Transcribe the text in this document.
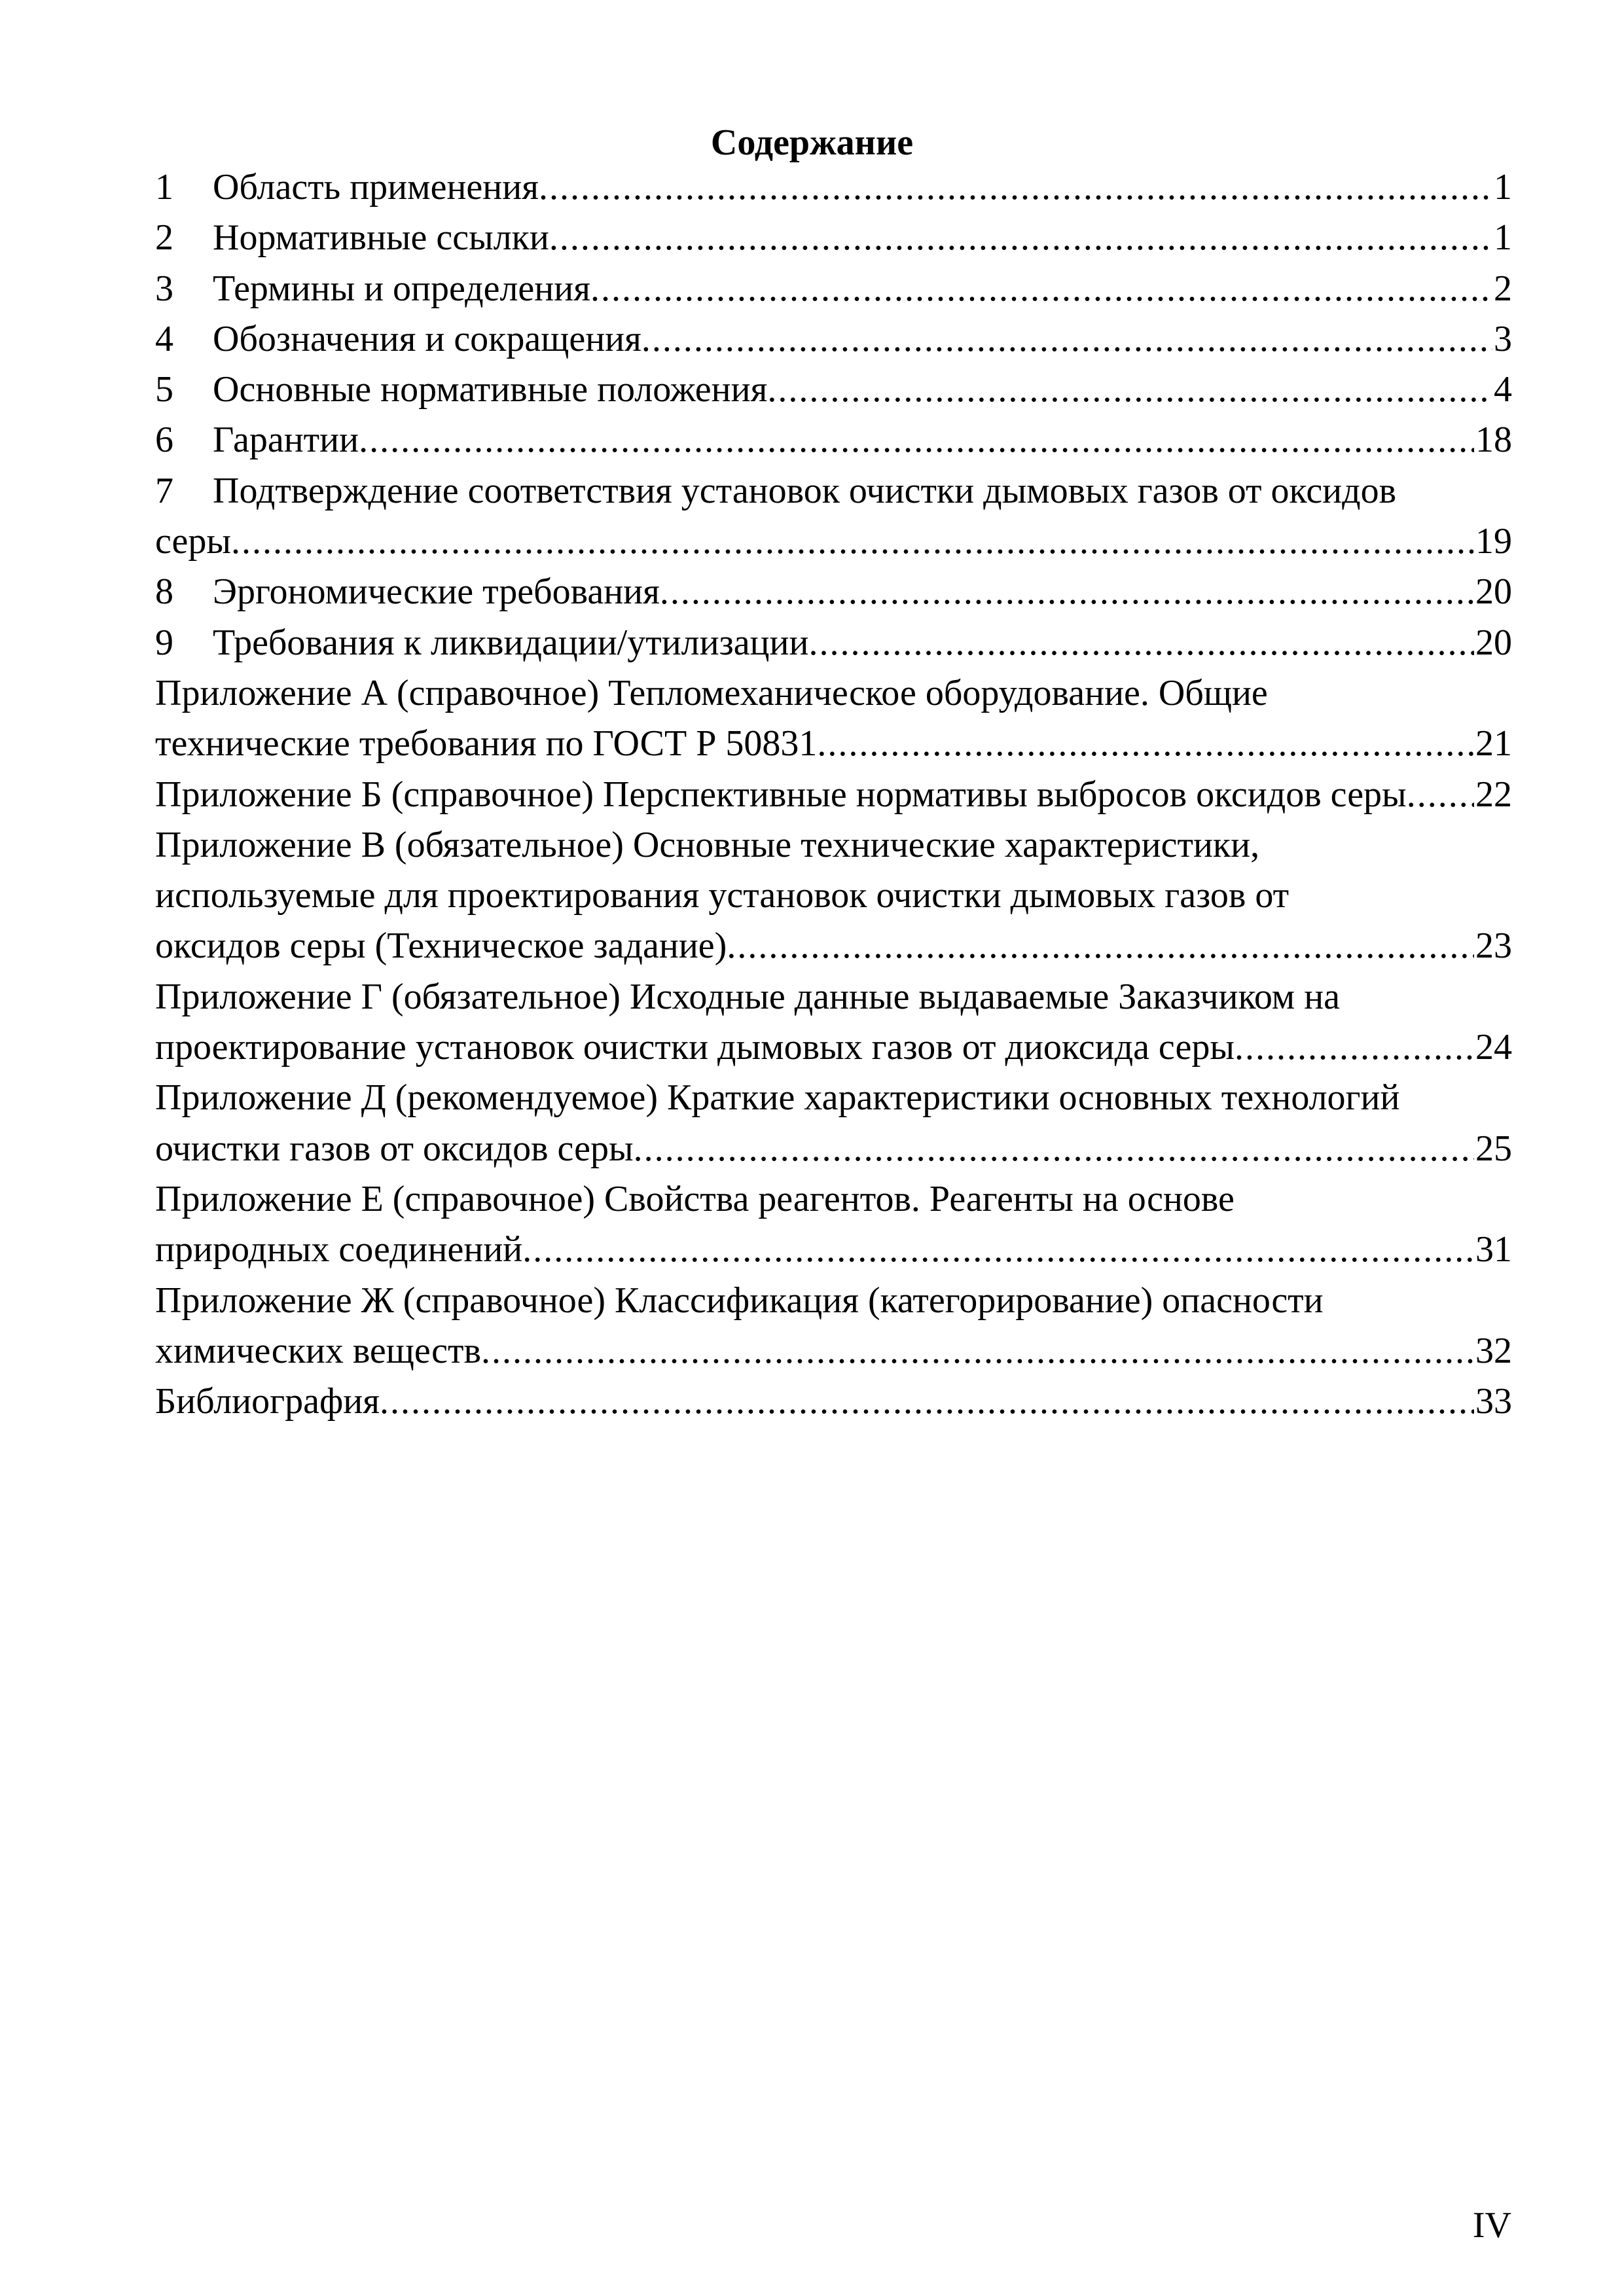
Содержание
1	Область применения .....	1
2	Нормативные ссылки .....	1
3	Термины и определения .....	2
4	Обозначения и сокращения .....	3
5	Основные нормативные положения .....	4
6	Гарантии .....	18
7 Подтверждение соответствия установок очистки дымовых газов от оксидов
серы .....	19
8	Эргономические требования .....	20
9	Требования к ликвидации/утилизации .....	20
Приложение А (справочное) Тепломеханическое оборудование. Общие
технические требования по ГОСТ Р 50831 .....	21
Приложение Б (справочное) Перспективные нормативы выбросов оксидов серы ..... 22
Приложение В (обязательное) Основные технические характеристики,
используемые для проектирования установок очистки дымовых газов от
оксидов серы (Техническое задание) .....	23
Приложение Г (обязательное) Исходные данные выдаваемые Заказчиком на
проектирование установок очистки дымовых газов от диоксида серы .....	24
Приложение Д (рекомендуемое) Краткие характеристики основных технологий
очистки газов от оксидов серы .....	25
Приложение Е (справочное) Свойства реагентов. Реагенты на основе
природных соединений .....	31
Приложение Ж (справочное) Классификация (категорирование) опасности
химических веществ .....	32
Библиография .....	33
IV
